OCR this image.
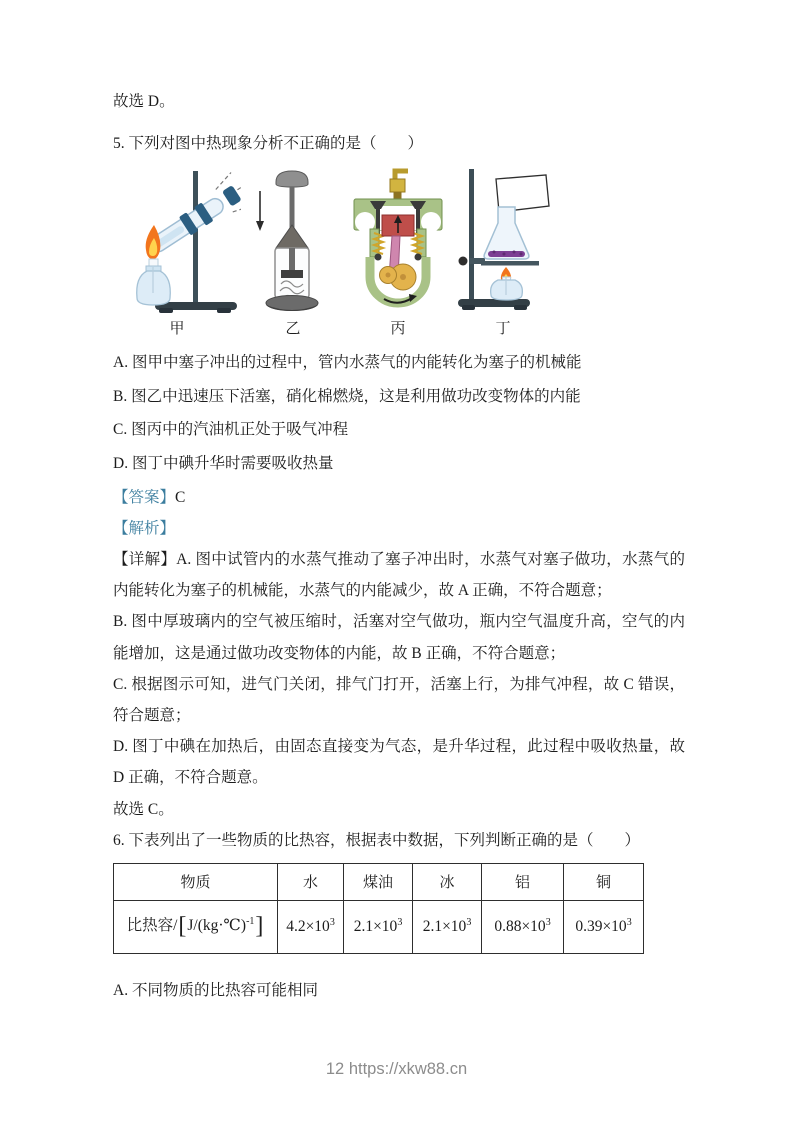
故选 D。

5. 下列对图中热现象分析不正确的是（　　）

甲	乙	丙	丁

A. 图甲中塞子冲出的过程中，管内水蒸气的内能转化为塞子的机械能

B. 图乙中迅速压下活塞，硝化棉燃烧，这是利用做功改变物体的内能

C. 图丙中的汽油机正处于吸气冲程

D. 图丁中碘升华时需要吸收热量

【答案】C

【解析】

【详解】A. 图中试管内的水蒸气推动了塞子冲出时，水蒸气对塞子做功，水蒸气的内能转化为塞子的机械能，水蒸气的内能减少，故 A 正确，不符合题意；

B. 图中厚玻璃内的空气被压缩时，活塞对空气做功，瓶内空气温度升高，空气的内能增加，这是通过做功改变物体的内能，故 B 正确，不符合题意；

C. 根据图示可知，进气门关闭，排气门打开，活塞上行，为排气冲程，故 C 错误，符合题意；

D. 图丁中碘在加热后，由固态直接变为气态，是升华过程，此过程中吸收热量，故 D 正确，不符合题意。

故选 C。

6. 下表列出了一些物质的比热容，根据表中数据，下列判断正确的是（　　）

物质	水	煤油	冰	铝	铜
比热容/[J/(kg·℃)$^{-1}$]	$4.2\times 10^3$	$2.1\times 10^3$	$2.1\times 10^3$	$0.88\times 10^3$	$0.39\times 10^3$

A. 不同物质的比热容可能相同

12 https://xkw88.cn
